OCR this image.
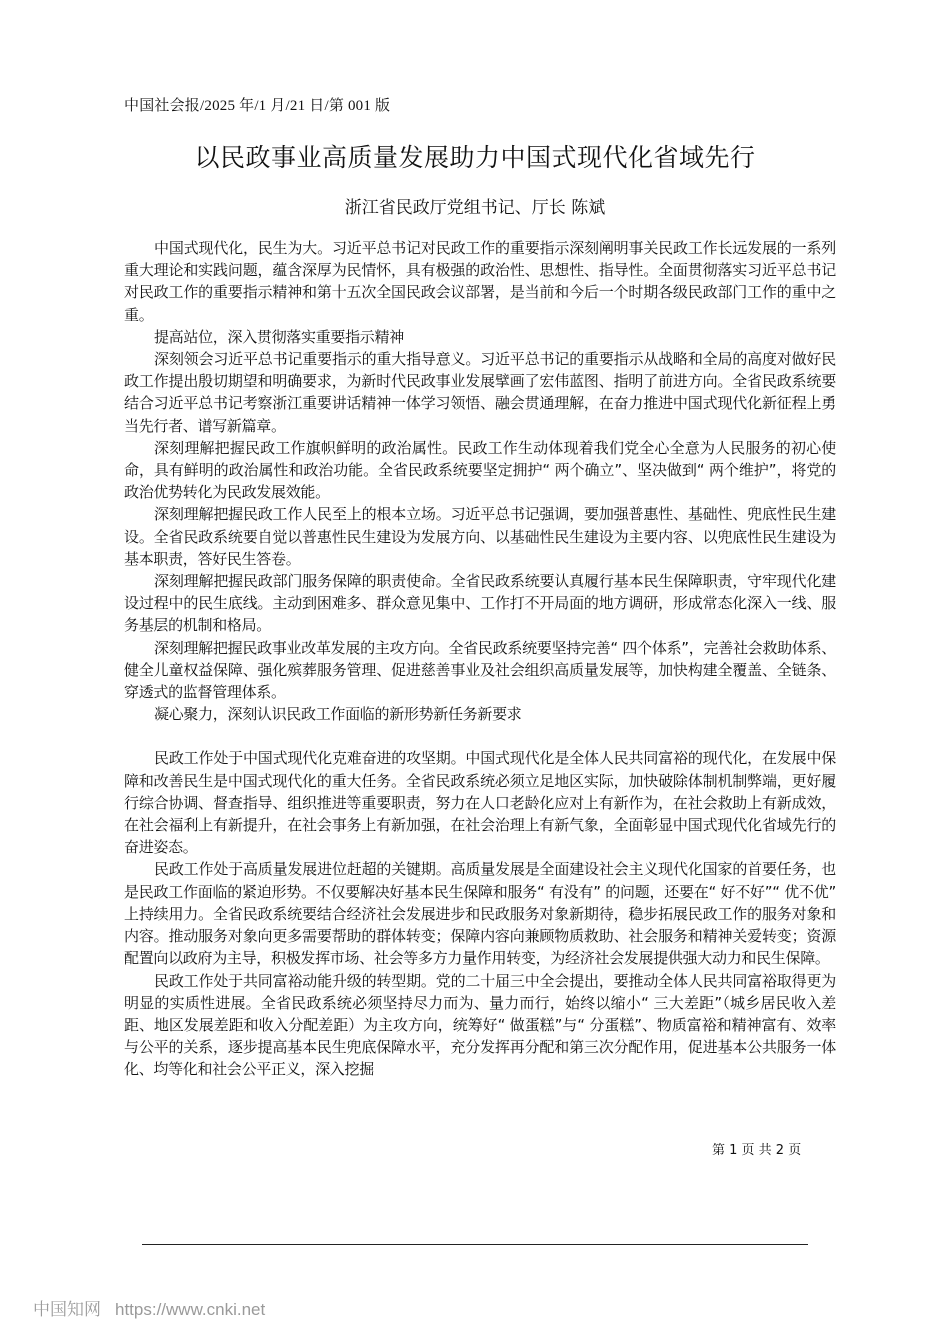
中国社会报/2025 年/1 月/21 日/第 001 版
以民政事业高质量发展助力中国式现代化省域先行
浙江省民政厅党组书记、厅长 陈斌

中国式现代化，民生为大。习近平总书记对民政工作的重要指示深刻阐明事关民政工作长远发展的一系列重大理论和实践问题，蕴含深厚为民情怀，具有极强的政治性、思想性、指导性。全面贯彻落实习近平总书记对民政工作的重要指示精神和第十五次全国民政会议部署，是当前和今后一个时期各级民政部门工作的重中之重。

提高站位，深入贯彻落实重要指示精神

深刻领会习近平总书记重要指示的重大指导意义。习近平总书记的重要指示从战略和全局的高度对做好民政工作提出殷切期望和明确要求，为新时代民政事业发展擘画了宏伟蓝图、指明了前进方向。全省民政系统要结合习近平总书记考察浙江重要讲话精神一体学习领悟、融会贯通理解，在奋力推进中国式现代化新征程上勇当先行者、谱写新篇章。

深刻理解把握民政工作旗帜鲜明的政治属性。民政工作生动体现着我们党全心全意为人民服务的初心使命，具有鲜明的政治属性和政治功能。全省民政系统要坚定拥护“ 两个确立”、坚决做到“ 两个维护”，将党的政治优势转化为民政发展效能。

深刻理解把握民政工作人民至上的根本立场。习近平总书记强调，要加强普惠性、基础性、兜底性民生建设。全省民政系统要自觉以普惠性民生建设为发展方向、以基础性民生建设为主要内容、以兜底性民生建设为基本职责，答好民生答卷。

深刻理解把握民政部门服务保障的职责使命。全省民政系统要认真履行基本民生保障职责，守牢现代化建设过程中的民生底线。主动到困难多、群众意见集中、工作打不开局面的地方调研，形成常态化深入一线、服务基层的机制和格局。

深刻理解把握民政事业改革发展的主攻方向。全省民政系统要坚持完善“ 四个体系”，完善社会救助体系、健全儿童权益保障、强化殡葬服务管理、促进慈善事业及社会组织高质量发展等，加快构建全覆盖、全链条、穿透式的监督管理体系。

凝心聚力，深刻认识民政工作面临的新形势新任务新要求

民政工作处于中国式现代化克难奋进的攻坚期。中国式现代化是全体人民共同富裕的现代化，在发展中保障和改善民生是中国式现代化的重大任务。全省民政系统必须立足地区实际，加快破除体制机制弊端，更好履行综合协调、督查指导、组织推进等重要职责，努力在人口老龄化应对上有新作为，在社会救助上有新成效，在社会福利上有新提升，在社会事务上有新加强，在社会治理上有新气象，全面彰显中国式现代化省域先行的奋进姿态。

民政工作处于高质量发展进位赶超的关键期。高质量发展是全面建设社会主义现代化国家的首要任务，也是民政工作面临的紧迫形势。不仅要解决好基本民生保障和服务“ 有没有” 的问题，还要在“ 好不好”“ 优不优” 上持续用力。全省民政系统要结合经济社会发展进步和民政服务对象新期待，稳步拓展民政工作的服务对象和内容。推动服务对象向更多需要帮助的群体转变；保障内容向兼顾物质救助、社会服务和精神关爱转变；资源配置向以政府为主导，积极发挥市场、社会等多方力量作用转变，为经济社会发展提供强大动力和民生保障。

民政工作处于共同富裕动能升级的转型期。党的二十届三中全会提出，要推动全体人民共同富裕取得更为明显的实质性进展。全省民政系统必须坚持尽力而为、量力而行，始终以缩小“ 三大差距”（城乡居民收入差距、地区发展差距和收入分配差距）为主攻方向，统筹好“ 做蛋糕”与“ 分蛋糕”、物质富裕和精神富有、效率与公平的关系，逐步提高基本民生兜底保障水平，充分发挥再分配和第三次分配作用，促进基本公共服务一体化、均等化和社会公平正义，深入挖掘

第 1 页 共 2 页
中国知网 https://www.cnki.net
